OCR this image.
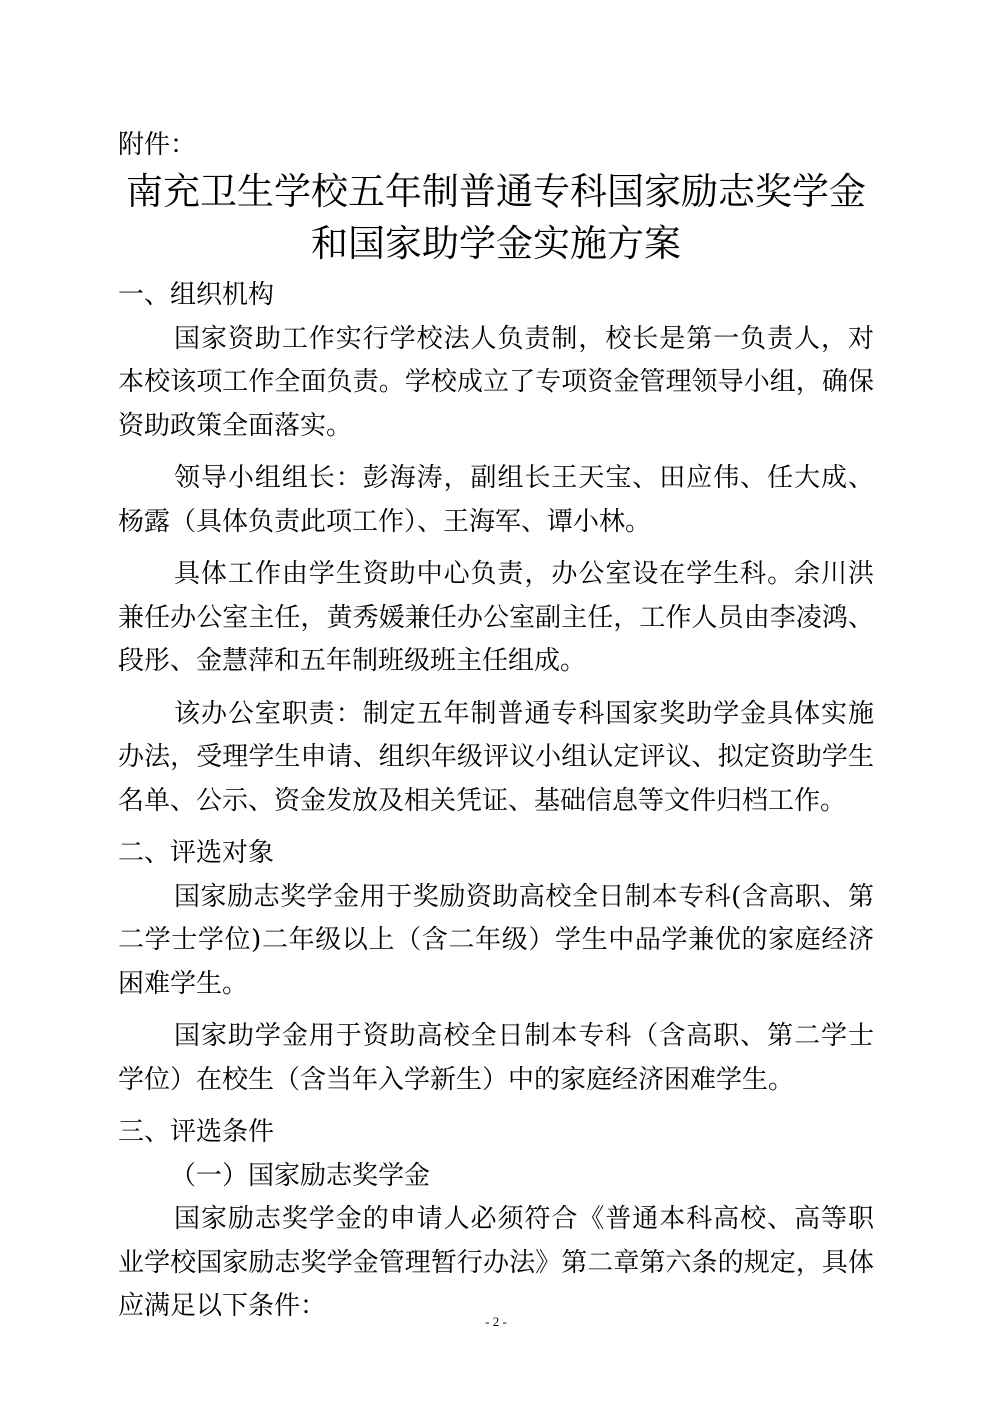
附件：
南充卫生学校五年制普通专科国家励志奖学金
和国家助学金实施方案
一、组织机构
国家资助工作实行学校法人负责制，校长是第一负责人，对本校该项工作全面负责。学校成立了专项资金管理领导小组，确保资助政策全面落实。
领导小组组长：彭海涛，副组长王天宝、田应伟、任大成、杨露（具体负责此项工作）、王海军、谭小林。
具体工作由学生资助中心负责，办公室设在学生科。余川洪兼任办公室主任，黄秀媛兼任办公室副主任，工作人员由李凌鸿、段彤、金慧萍和五年制班级班主任组成。
该办公室职责：制定五年制普通专科国家奖助学金具体实施办法，受理学生申请、组织年级评议小组认定评议、拟定资助学生名单、公示、资金发放及相关凭证、基础信息等文件归档工作。
二、评选对象
国家励志奖学金用于奖励资助高校全日制本专科(含高职、第二学士学位)二年级以上（含二年级）学生中品学兼优的家庭经济困难学生。
国家助学金用于资助高校全日制本专科（含高职、第二学士学位）在校生（含当年入学新生）中的家庭经济困难学生。
三、评选条件
（一）国家励志奖学金
国家励志奖学金的申请人必须符合《普通本科高校、高等职业学校国家励志奖学金管理暂行办法》第二章第六条的规定，具体应满足以下条件：
- 2 -
